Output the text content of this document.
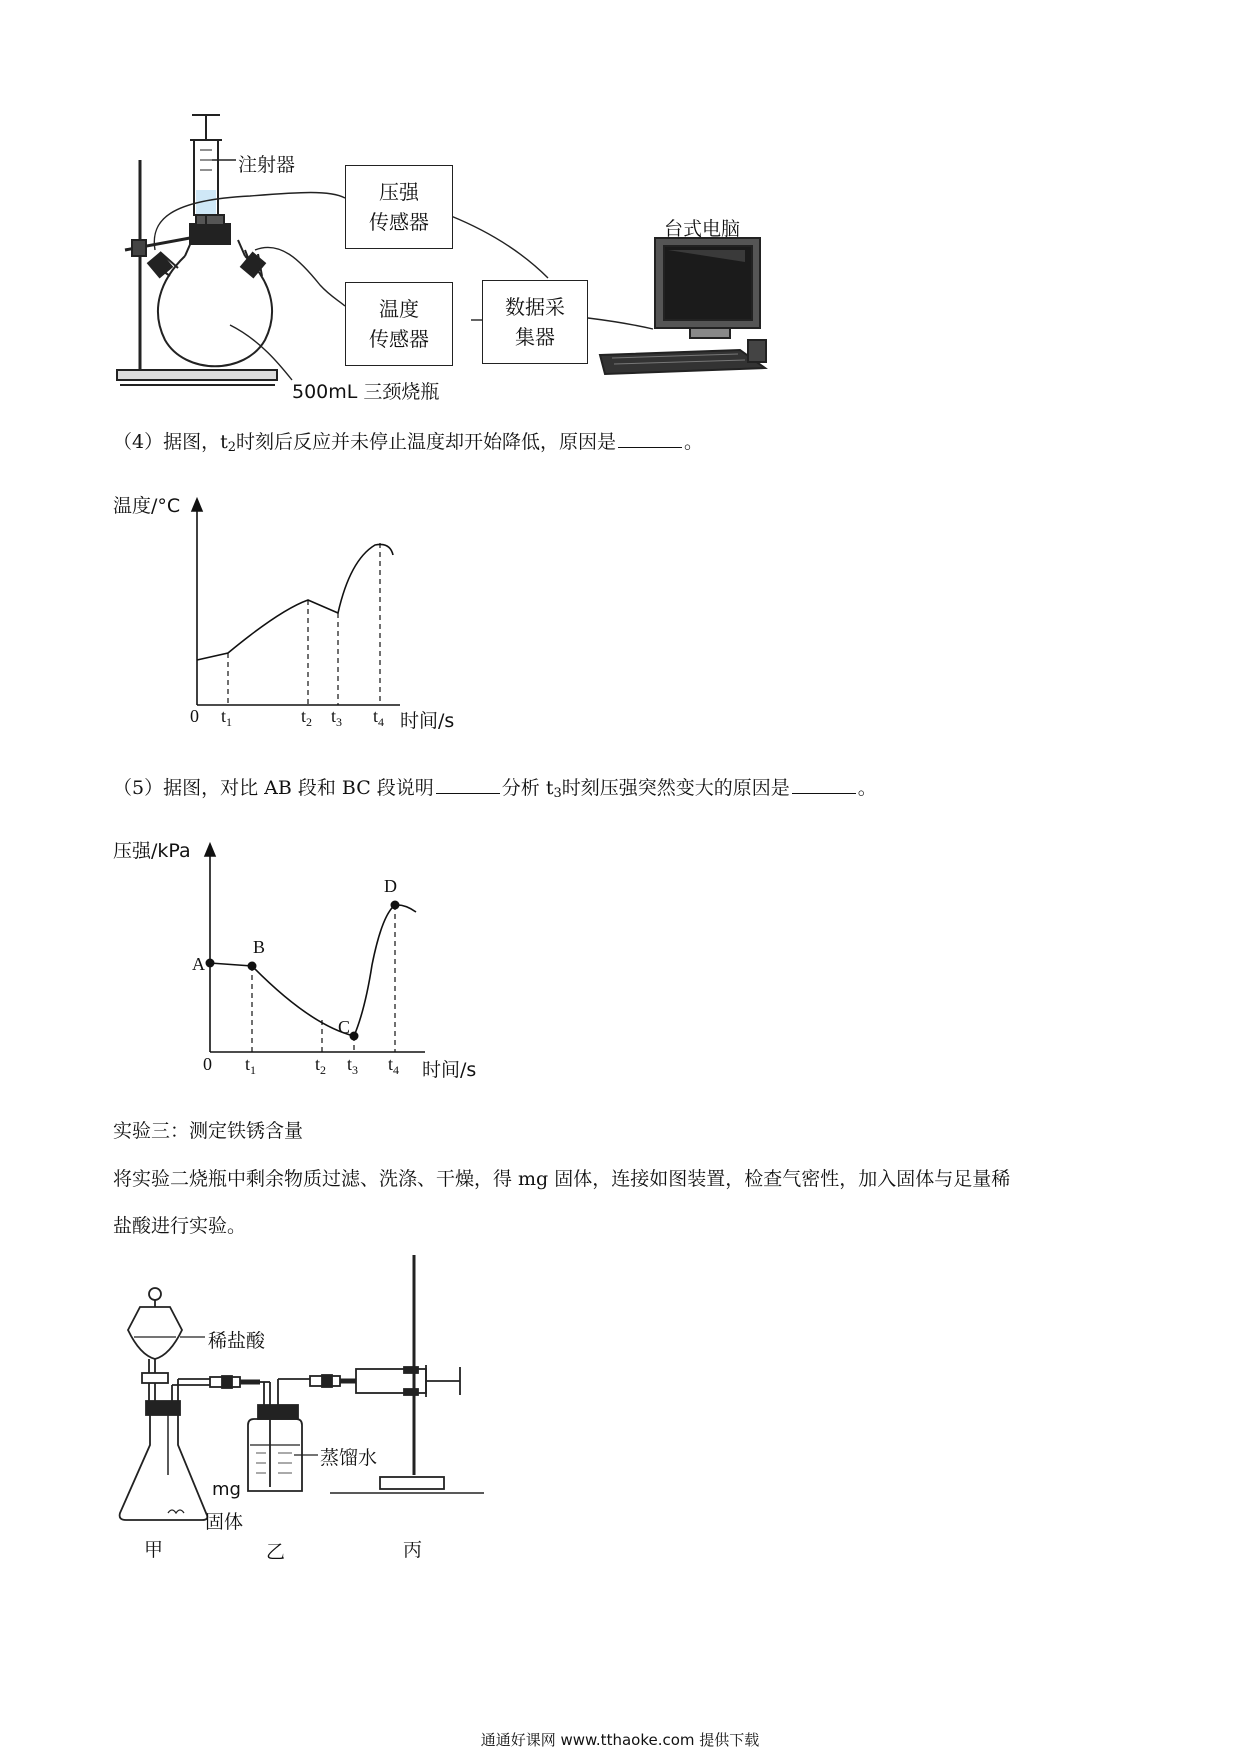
注射器
压强
传感器
温度
传感器
数据采
集器
台式电脑
500mL 三颈烧瓶
（4）据图，$t_2$时刻后反应并未停止温度却开始降低，原因是	。
温度/°C
时间/s
0 $t_1$	$t_2$ $t_3$ $t_4$
（5）据图，对比 AB 段和 BC 段说明	分析 $t_3$时刻压强突然变大的原因是	。
A
B
C
D
压强/kPa
时间/s
0 $t_1$	$t_2$ $t_3$ $t_4$
实验三：测定铁锈含量
将实验二烧瓶中剩余物质过滤、洗涤、干燥，得 mg 固体，连接如图装置，检查气密性，加入固体与足量稀
盐酸进行实验。
稀盐酸
蒸馏水
mg
固体
甲	乙	丙
通通好课网 www.tthaoke.com 提供下载
